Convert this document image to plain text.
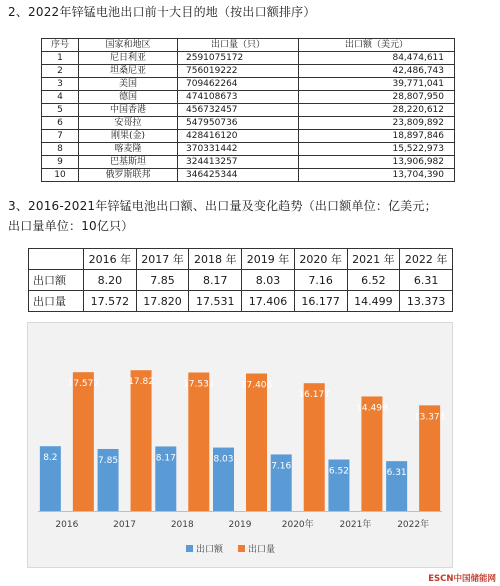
2、2022年锌锰电池出口前十大目的地（按出口额排序）
序号	国家和地区	出口量（只）	出口额（美元）
1	尼日利亚	2591075172	84,474,611
2	坦桑尼亚	756019222	42,486,743
3	美国	709462264	39,771,041
4	德国	474108673	28,807,950
5	中国香港	456732457	28,220,612
6	安哥拉	547950736	23,809,892
7	刚果(金)	428416120	18,897,846
8	喀麦隆	370331442	15,522,973
9	巴基斯坦	324413257	13,906,982
10	俄罗斯联邦	346425344	13,704,390
3、2016-2021年锌锰电池出口额、出口量及变化趋势（出口额单位：亿美元；
出口量单位：10亿只）
	2016 年	2017 年	2018 年	2019 年	2020 年	2021 年	2022 年
出口额	8.20	7.85	8.17	8.03	7.16	6.52	6.31
出口量	17.572	17.820	17.531	17.406	16.177	14.499	13.373
8.2
17.572
2016
7.85
17.82
2017
8.17
17.531
2018
8.03
17.406
2019
7.16
16.177
2020年
6.52
14.499
2021年
6.31
13.373
2022年
出口额	出口量
ESCN中国储能网
